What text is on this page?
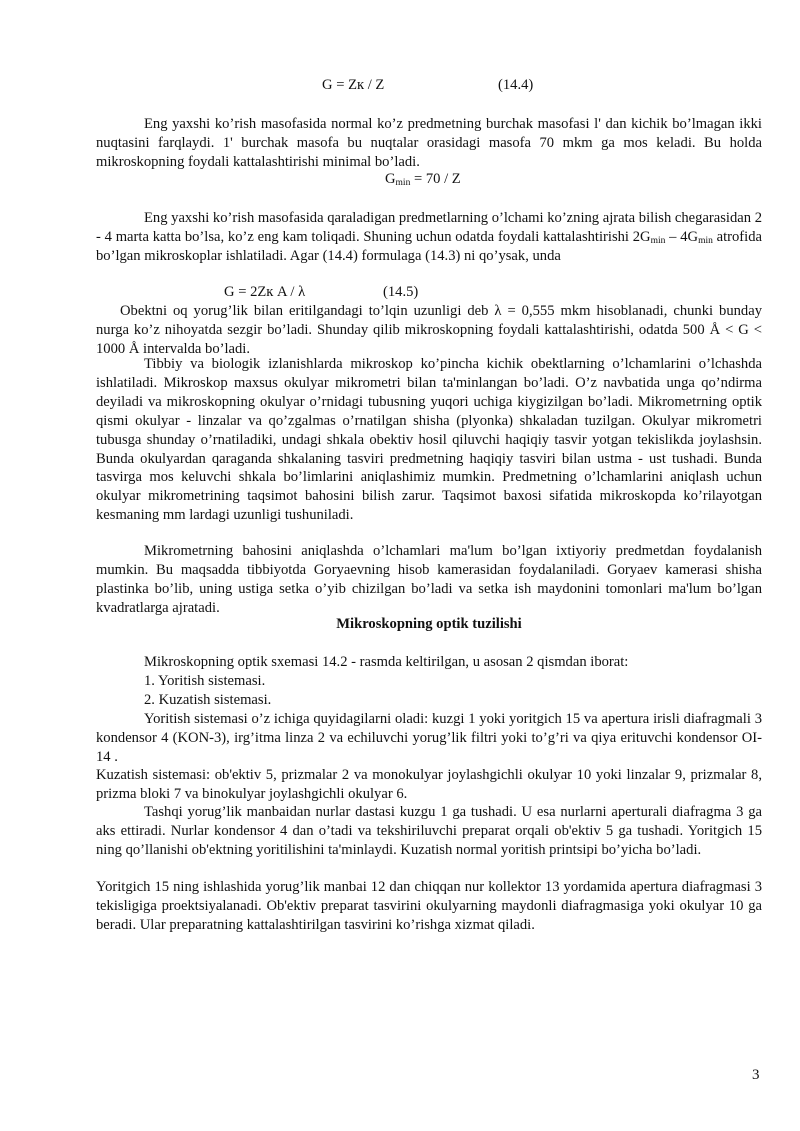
G = Zк / Z	(14.4)
Eng yaxshi ko’rish masofasida normal ko’z predmetning burchak masofasi l' dan kichik bo’lmagan ikki nuqtasini farqlaydi. 1' burchak masofa bu nuqtalar orasidagi masofa 70 mkm ga mos keladi. Bu holda mikroskopning foydali kattalashtirishi minimal bo’ladi.
$G_{min} = 70 / Z$
Eng yaxshi ko’rish masofasida qaraladigan predmetlarning o’lchami ko’zning ajrata bilish chegarasidan 2 - 4 marta katta bo’lsa, ko’z eng kam toliqadi. Shuning uchun odatda foydali kattalashtirishi $2G_{min} - 4G_{min}$ atrofida bo’lgan mikroskoplar ishlatiladi. Agar (14.4) formulaga (14.3) ni qo’ysak, unda
G = 2Zк A / λ	(14.5)
Obektni oq yorug’lik bilan eritilgandagi to’lqin uzunligi deb λ = 0,555 mkm hisoblanadi, chunki bunday nurga ko’z nihoyatda sezgir bo’ladi. Shunday qilib mikroskopning foydali kattalashtirishi, odatda 500 Å < G < 1000 Å intervalda bo’ladi.
Tibbiy va biologik izlanishlarda mikroskop ko’pincha kichik obektlarning o’lchamlarini o’lchashda ishlatiladi. Mikroskop maxsus okulyar mikrometri bilan ta'minlangan bo’ladi. O’z navbatida unga qo’ndirma deyiladi va mikroskopning okulyar o’rnidagi tubusning yuqori uchiga kiygizilgan bo’ladi. Mikrometrning optik qismi okulyar - linzalar va qo’zgalmas o’rnatilgan shisha (plyonka) shkaladan tuzilgan. Okulyar mikrometri tubusga shunday o’rnatiladiki, undagi shkala obektiv hosil qiluvchi haqiqiy tasvir yotgan tekislikda joylashsin. Bunda okulyardan qaraganda shkalaning tasviri predmetning haqiqiy tasviri bilan ustma - ust tushadi. Bunda tasvirga mos keluvchi shkala bo’limlarini aniqlashimiz mumkin. Predmetning o’lchamlarini aniqlash uchun okulyar mikrometrining taqsimot bahosini bilish zarur. Taqsimot baxosi sifatida mikroskopda ko’rilayotgan kesmaning mm lardagi uzunligi tushuniladi.
Mikrometrning bahosini aniqlashda o’lchamlari ma'lum bo’lgan ixtiyoriy predmetdan foydalanish mumkin. Bu maqsadda tibbiyotda Goryaevning hisob kamerasidan foydalaniladi. Goryaev kamerasi shisha plastinka bo’lib, uning ustiga setka o’yib chizilgan bo’ladi va setka ish maydonini tomonlari ma'lum bo’lgan kvadratlarga ajratadi.
Mikroskopning optik tuzilishi
Mikroskopning optik sxemasi 14.2 - rasmda keltirilgan, u asosan 2 qismdan iborat:
1. Yoritish sistemasi.
2. Kuzatish sistemasi.
Yoritish sistemasi o’z ichiga quyidagilarni oladi: kuzgi 1 yoki yoritgich 15 va apertura irisli diafragmali 3 kondensor 4 (KON-3), irg’itma linza 2 va echiluvchi yorug’lik filtri yoki to’g’ri va qiya erituvchi kondensor OI-14 .
Kuzatish sistemasi: ob'ektiv 5, prizmalar 2 va monokulyar joylashgichli okulyar 10 yoki linzalar 9, prizmalar 8, prizma bloki 7 va binokulyar joylashgichli okulyar 6.
Tashqi yorug’lik manbaidan nurlar dastasi kuzgu 1 ga tushadi. U esa nurlarni aperturali diafragma 3 ga aks ettiradi. Nurlar kondensor 4 dan o’tadi va tekshiriluvchi preparat orqali ob'ektiv 5 ga tushadi. Yoritgich 15 ning qo’llanishi ob'ektning yoritilishini ta'minlaydi. Kuzatish normal yoritish printsipi bo’yicha bo’ladi.
Yoritgich 15 ning ishlashida yorug’lik manbai 12 dan chiqqan nur kollektor 13 yordamida apertura diafragmasi 3 tekisligiga proektsiyalanadi. Ob'ektiv preparat tasvirini okulyarning maydonli diafragmasiga yoki okulyar 10 ga beradi. Ular preparatning kattalashtirilgan tasvirini ko’rishga xizmat qiladi.
3
